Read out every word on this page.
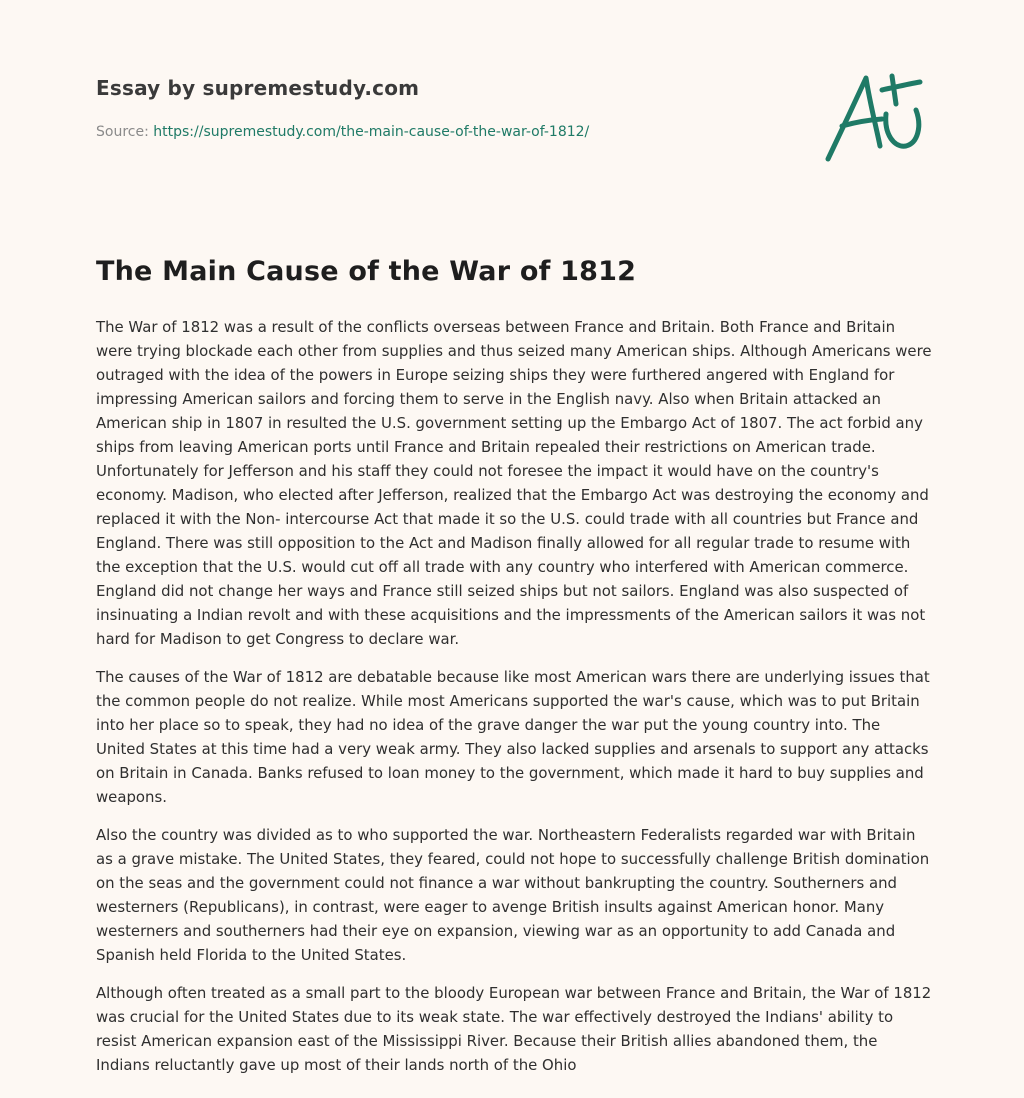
Essay by supremestudy.com

Source: https://supremestudy.com/the-main-cause-of-the-war-of-1812/

The Main Cause of the War of 1812

The War of 1812 was a result of the conflicts overseas between France and Britain. Both France and Britain were trying blockade each other from supplies and thus seized many American ships. Although Americans were outraged with the idea of the powers in Europe seizing ships they were furthered angered with England for impressing American sailors and forcing them to serve in the English navy. Also when Britain attacked an American ship in 1807 in resulted the U.S. government setting up the Embargo Act of 1807. The act forbid any ships from leaving American ports until France and Britain repealed their restrictions on American trade. Unfortunately for Jefferson and his staff they could not foresee the impact it would have on the country's economy. Madison, who elected after Jefferson, realized that the Embargo Act was destroying the economy and replaced it with the Non- intercourse Act that made it so the U.S. could trade with all countries but France and England. There was still opposition to the Act and Madison finally allowed for all regular trade to resume with the exception that the U.S. would cut off all trade with any country who interfered with American commerce. England did not change her ways and France still seized ships but not sailors. England was also suspected of insinuating a Indian revolt and with these acquisitions and the impressments of the American sailors it was not hard for Madison to get Congress to declare war.

The causes of the War of 1812 are debatable because like most American wars there are underlying issues that the common people do not realize. While most Americans supported the war's cause, which was to put Britain into her place so to speak, they had no idea of the grave danger the war put the young country into. The United States at this time had a very weak army. They also lacked supplies and arsenals to support any attacks on Britain in Canada. Banks refused to loan money to the government, which made it hard to buy supplies and weapons.

Also the country was divided as to who supported the war. Northeastern Federalists regarded war with Britain as a grave mistake. The United States, they feared, could not hope to successfully challenge British domination on the seas and the government could not finance a war without bankrupting the country. Southerners and westerners (Republicans), in contrast, were eager to avenge British insults against American honor. Many westerners and southerners had their eye on expansion, viewing war as an opportunity to add Canada and Spanish held Florida to the United States.

Although often treated as a small part to the bloody European war between France and Britain, the War of 1812 was crucial for the United States due to its weak state. The war effectively destroyed the Indians' ability to resist American expansion east of the Mississippi River. Because their British allies abandoned them, the Indians reluctantly gave up most of their lands north of the Ohio
